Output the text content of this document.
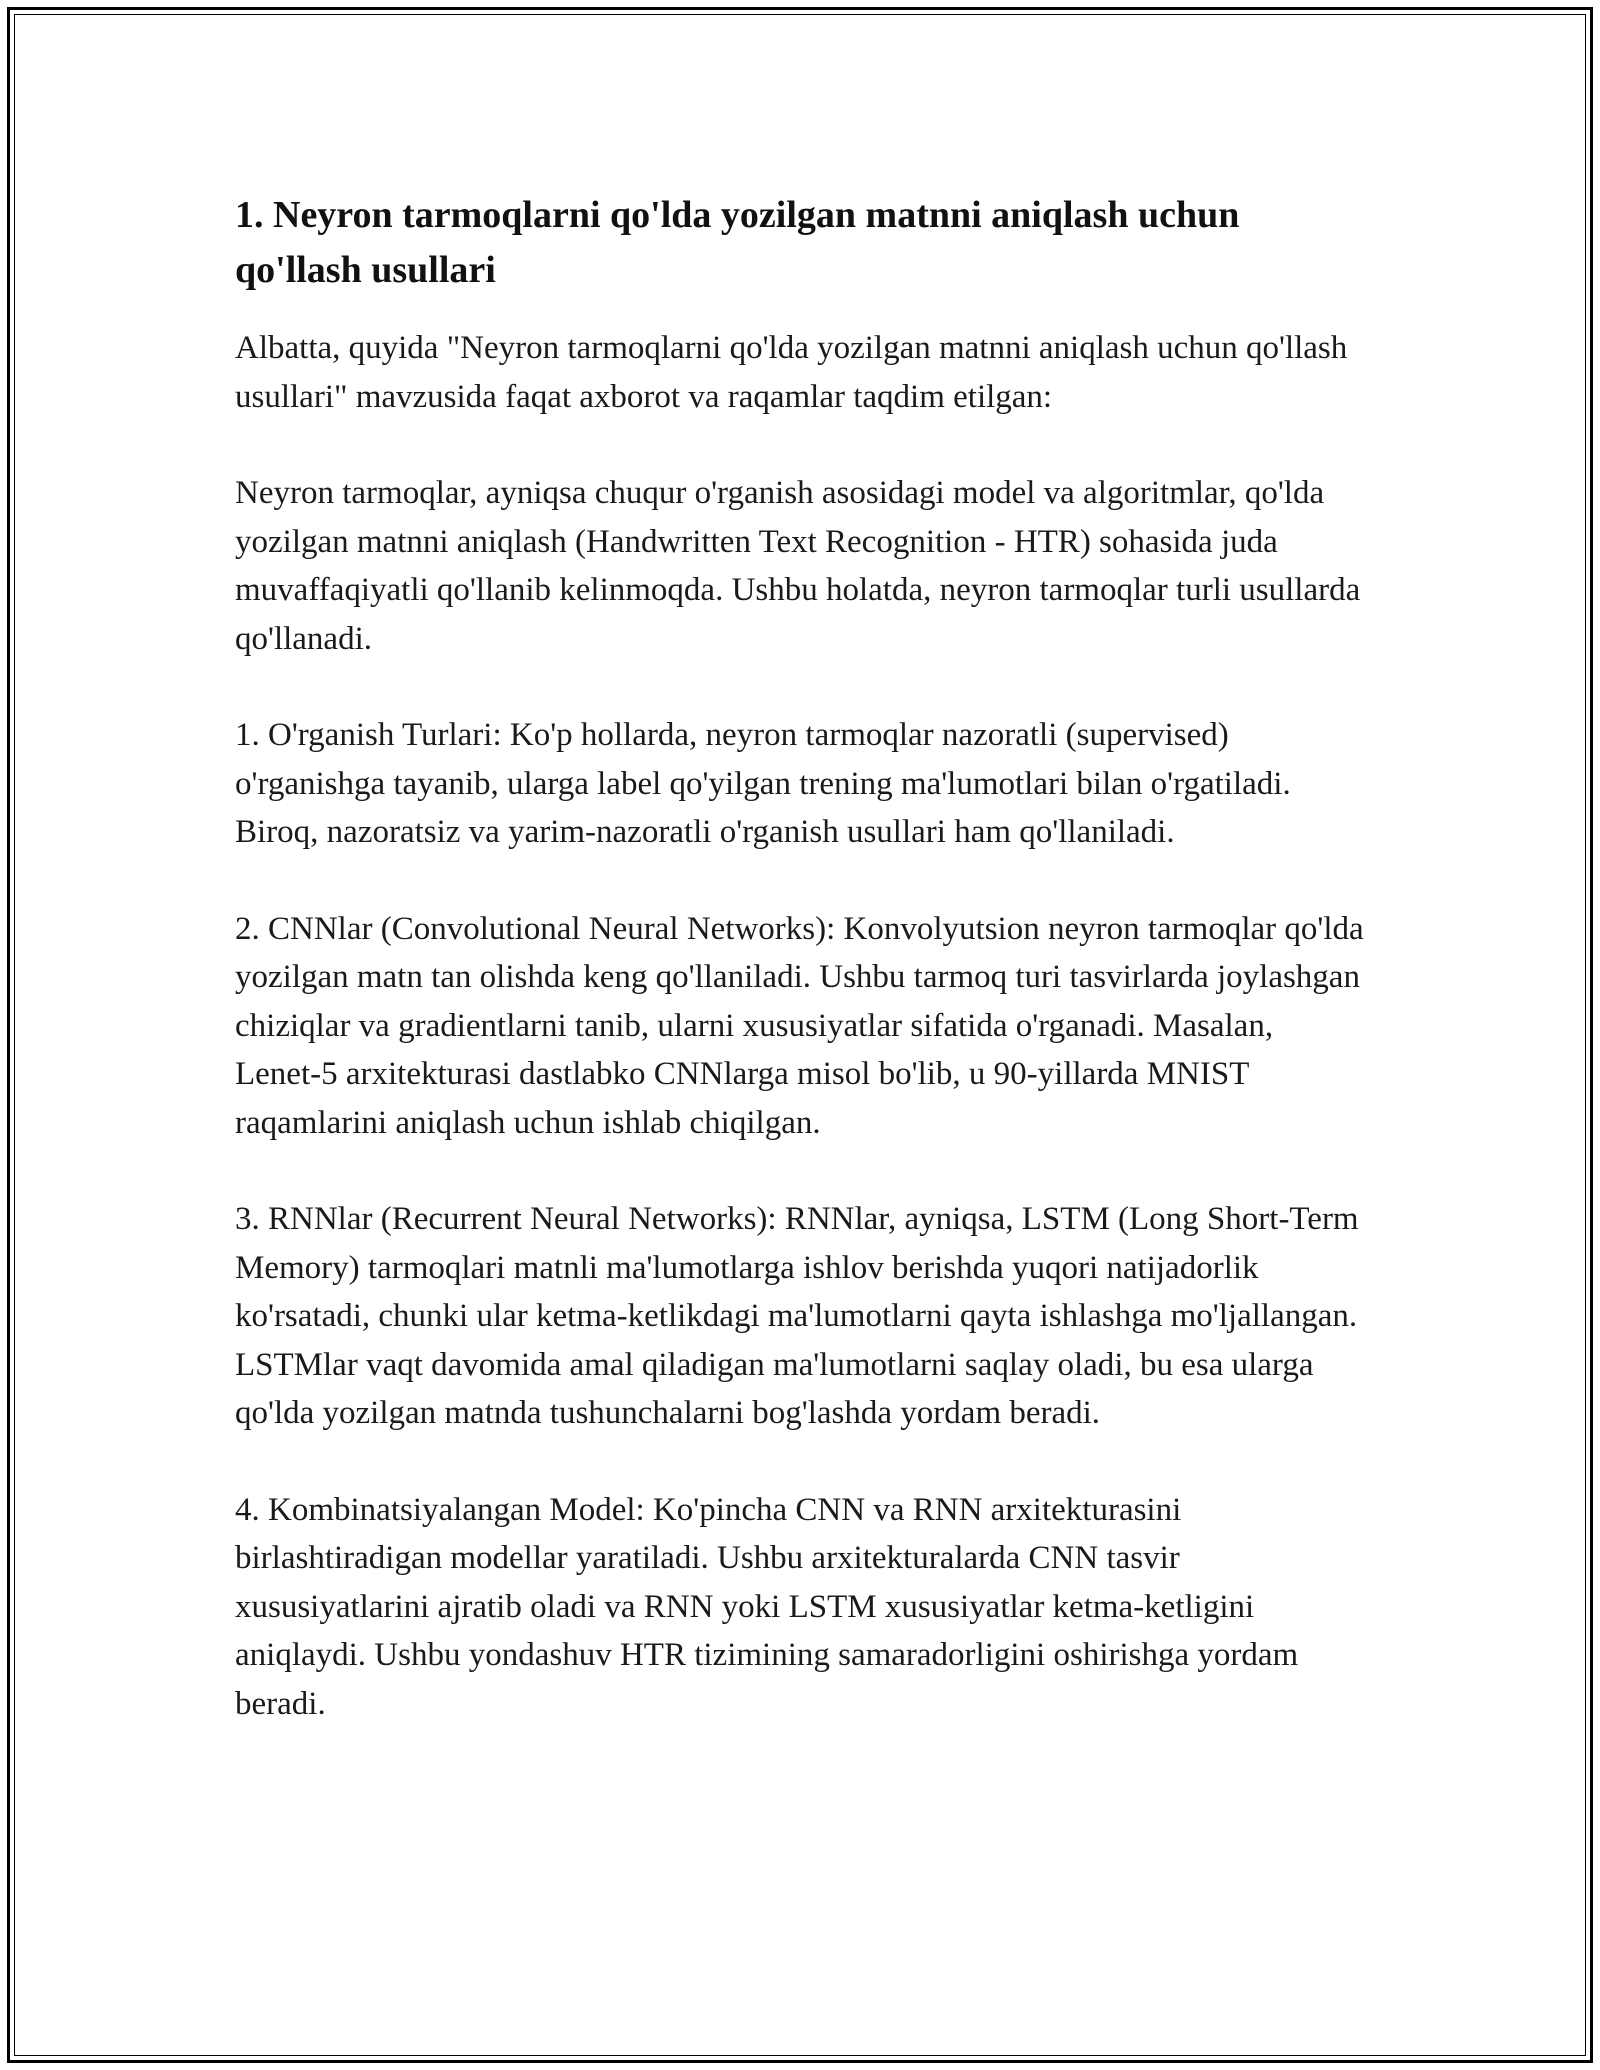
1. Neyron tarmoqlarni qo'lda yozilgan matnni aniqlash uchun qo'llash usullari

Albatta, quyida "Neyron tarmoqlarni qo'lda yozilgan matnni aniqlash uchun qo'llash usullari" mavzusida faqat axborot va raqamlar taqdim etilgan:

Neyron tarmoqlar, ayniqsa chuqur o'rganish asosidagi model va algoritmlar, qo'lda yozilgan matnni aniqlash (Handwritten Text Recognition - HTR) sohasida juda muvaffaqiyatli qo'llanib kelinmoqda. Ushbu holatda, neyron tarmoqlar turli usullarda qo'llanadi.

1. O'rganish Turlari: Ko'p hollarda, neyron tarmoqlar nazoratli (supervised) o'rganishga tayanib, ularga label qo'yilgan trening ma'lumotlari bilan o'rgatiladi. Biroq, nazoratsiz va yarim-nazoratli o'rganish usullari ham qo'llaniladi.

2. CNNlar (Convolutional Neural Networks): Konvolyutsion neyron tarmoqlar qo'lda yozilgan matn tan olishda keng qo'llaniladi. Ushbu tarmoq turi tasvirlarda joylashgan chiziqlar va gradientlarni tanib, ularni xususiyatlar sifatida o'rganadi. Masalan, Lenet-5 arxitekturasi dastlabko CNNlarga misol bo'lib, u 90-yillarda MNIST raqamlarini aniqlash uchun ishlab chiqilgan.

3. RNNlar (Recurrent Neural Networks): RNNlar, ayniqsa, LSTM (Long Short-Term Memory) tarmoqlari matnli ma'lumotlarga ishlov berishda yuqori natijadorlik ko'rsatadi, chunki ular ketma-ketlikdagi ma'lumotlarni qayta ishlashga mo'ljallangan. LSTMlar vaqt davomida amal qiladigan ma'lumotlarni saqlay oladi, bu esa ularga qo'lda yozilgan matnda tushunchalarni bog'lashda yordam beradi.

4. Kombinatsiyalangan Model: Ko'pincha CNN va RNN arxitekturasini birlashtiradigan modellar yaratiladi. Ushbu arxitekturalarda CNN tasvir xususiyatlarini ajratib oladi va RNN yoki LSTM xususiyatlar ketma-ketligini aniqlaydi. Ushbu yondashuv HTR tizimining samaradorligini oshirishga yordam beradi.
